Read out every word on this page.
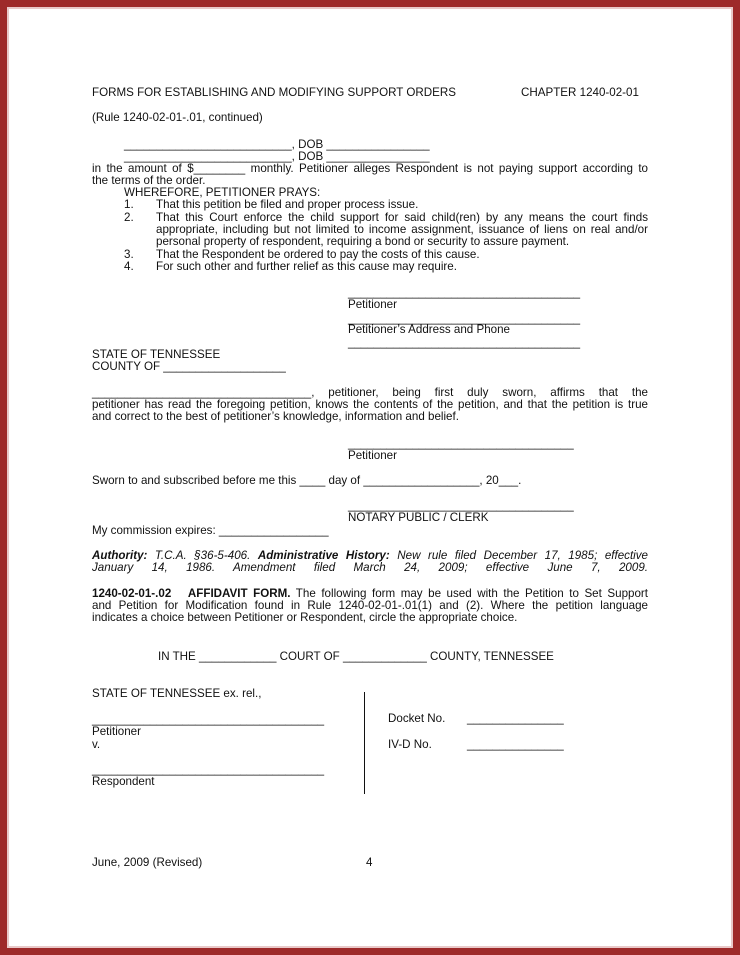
FORMS FOR ESTABLISHING AND MODIFYING SUPPORT ORDERS	CHAPTER 1240-02-01
(Rule 1240-02-01-.01, continued)
__________________________, DOB ________________
__________________________, DOB ________________
in the amount of $________ monthly. Petitioner alleges Respondent is not paying support according to
the terms of the order.
WHEREFORE, PETITIONER PRAYS:
1. That this petition be filed and proper process issue.
2. That this Court enforce the child support for said child(ren) by any means the court finds
appropriate, including but not limited to income assignment, issuance of liens on real and/or
personal property of respondent, requiring a bond or security to assure payment.
3. That the Respondent be ordered to pay the costs of this cause.
4. For such other and further relief as this cause may require.
____________________________________
Petitioner
____________________________________
Petitioner’s Address and Phone
____________________________________
STATE OF TENNESSEE
COUNTY OF ___________________
__________________________________, petitioner, being first duly sworn, affirms that the
petitioner has read the foregoing petition, knows the contents of the petition, and that the petition is true
and correct to the best of petitioner’s knowledge, information and belief.
___________________________________
Petitioner
Sworn to and subscribed before me this ____ day of __________________, 20___.
___________________________________
NOTARY PUBLIC / CLERK
My commission expires: _________________
Authority: T.C.A. §36-5-406. Administrative History: New rule filed December 17, 1985; effective
January 14, 1986. Amendment filed March 24, 2009; effective June 7, 2009.
1240-02-01-.02 AFFIDAVIT FORM. The following form may be used with the Petition to Set Support
and Petition for Modification found in Rule 1240-02-01-.01(1) and (2). Where the petition language
indicates a choice between Petitioner or Respondent, circle the appropriate choice.
IN THE ____________ COURT OF _____________ COUNTY, TENNESSEE
STATE OF TENNESSEE ex. rel.,
____________________________________
Petitioner
v.
____________________________________
Respondent
Docket No. _______________
IV-D No.	_______________
June, 2009 (Revised)	4
